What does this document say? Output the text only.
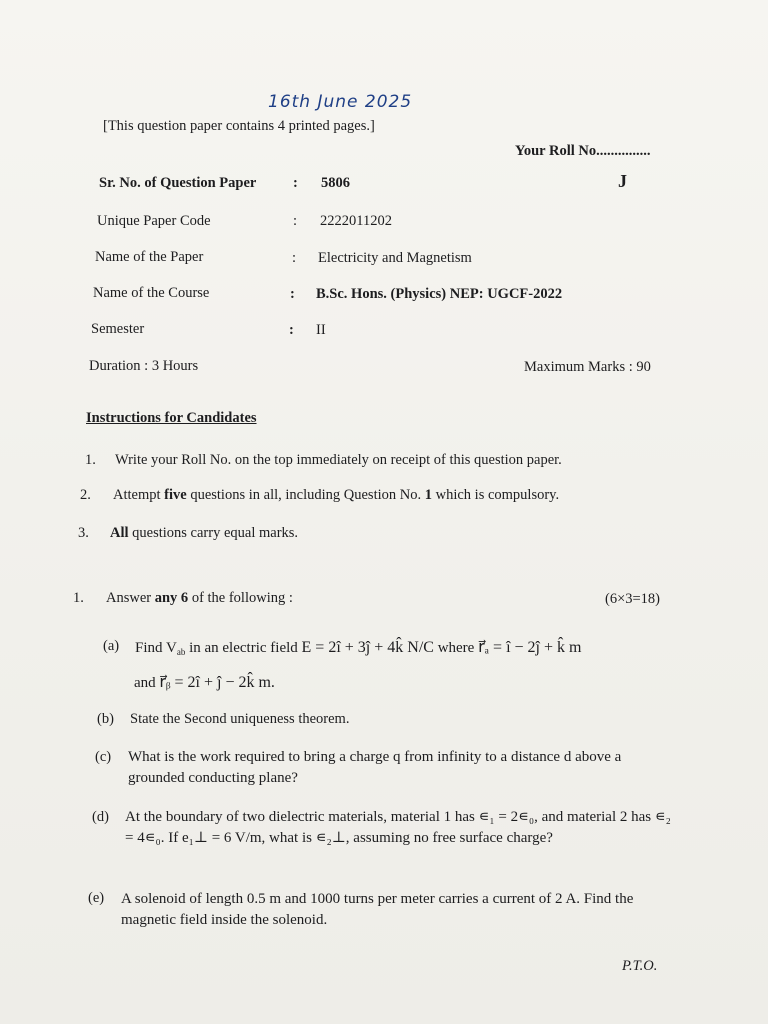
16th June 2025
[This question paper contains 4 printed pages.]
Your Roll No...............
Sr. No. of Question Paper	: 5806	J
Unique Paper Code	: 2222011202
Name of the Paper	: Electricity and Magnetism
Name of the Course	: B.Sc. Hons. (Physics) NEP: UGCF-2022
Semester	: II
Duration : 3 Hours	Maximum Marks : 90
Instructions for Candidates
1. Write your Roll No. on the top immediately on receipt of this question paper.
2. Attempt five questions in all, including Question No. 1 which is compulsory.
3. All questions carry equal marks.
1. Answer any 6 of the following :	(6×3=18)
(a) Find $V_{ab}$ in an electric field E = 2î + 3ĵ + 4k̂ N/C where r⃗ₐ = î − 2ĵ + k̂ m
and r⃗ᵦ = 2î + ĵ − 2k̂ m.
(b) State the Second uniqueness theorem.
(c) What is the work required to bring a charge q from infinity to a distance d above a grounded conducting plane?
(d) At the boundary of two dielectric materials, material 1 has ∊₁ = 2∊₀, and material 2 has ∊₂ = 4∊₀. If e₁⊥ = 6 V/m, what is ∊₂⊥, assuming no free surface charge?
(e) A solenoid of length 0.5 m and 1000 turns per meter carries a current of 2 A. Find the magnetic field inside the solenoid.
P.T.O.
